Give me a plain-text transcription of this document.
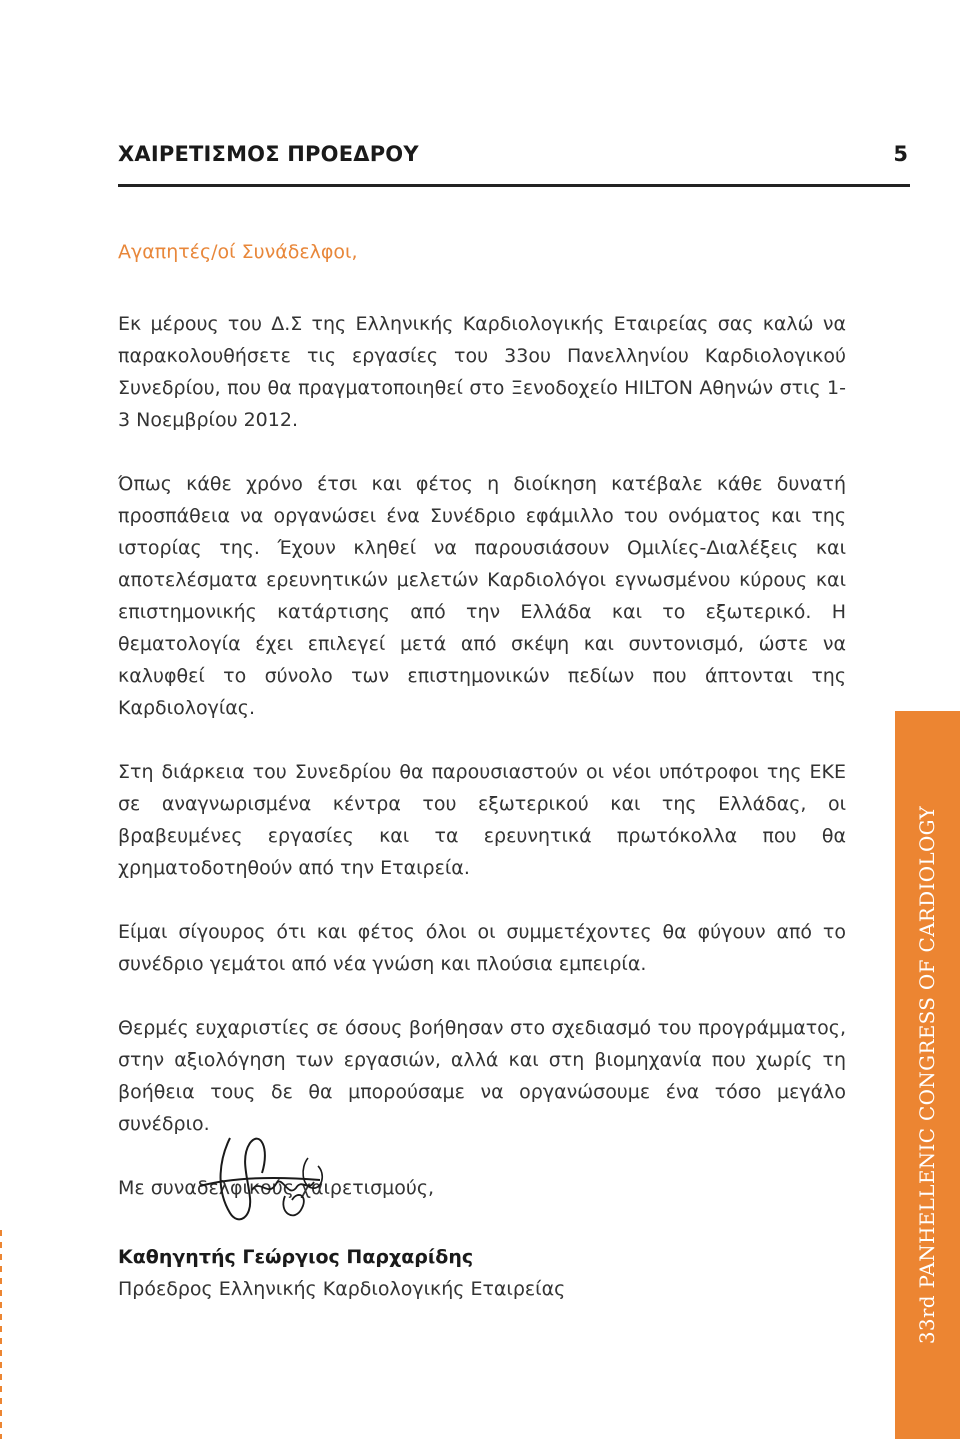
ΧΑΙΡΕΤΙΣΜΟΣ ΠΡΟΕΔΡΟΥ	5

Αγαπητές/οί Συνάδελφοι,

Εκ μέρους του Δ.Σ της Ελληνικής Καρδιολογικής Εταιρείας σας καλώ να παρακολουθήσετε τις εργασίες του 33ου Πανελληνίου Καρδιολογικού Συνεδρίου, που θα πραγματοποιηθεί στο Ξενοδοχείο HILTON Αθηνών στις 1-3 Νοεμβρίου 2012.

Όπως κάθε χρόνο έτσι και φέτος η διοίκηση κατέβαλε κάθε δυνατή προσπάθεια να οργανώσει ένα Συνέδριο εφάμιλλο του ονόματος και της ιστορίας της. Έχουν κληθεί να παρουσιάσουν Ομιλίες-Διαλέξεις και αποτελέσματα ερευνητικών μελετών Καρδιολόγοι εγνωσμένου κύρους και επιστημονικής κατάρτισης από την Ελλάδα και το εξωτερικό. Η θεματολογία έχει επιλεγεί μετά από σκέψη και συντονισμό, ώστε να καλυφθεί το σύνολο των επιστημονικών πεδίων που άπτονται της Καρδιολογίας.

Στη διάρκεια του Συνεδρίου θα παρουσιαστούν οι νέοι υπότροφοι της ΕΚΕ σε αναγνωρισμένα κέντρα του εξωτερικού και της Ελλάδας, οι βραβευμένες εργασίες και τα ερευνητικά πρωτόκολλα που θα χρηματοδοτηθούν από την Εταιρεία.

Είμαι σίγουρος ότι και φέτος όλοι οι συμμετέχοντες θα φύγουν από το συνέδριο γεμάτοι από νέα γνώση και πλούσια εμπειρία.

Θερμές ευχαριστίες σε όσους βοήθησαν στο σχεδιασμό του προγράμματος, στην αξιολόγηση των εργασιών, αλλά και στη βιομηχανία που χωρίς τη βοήθεια τους δε θα μπορούσαμε να οργανώσουμε ένα τόσο μεγάλο συνέδριο.

Με συναδελφικούς χαιρετισμούς,

Καθηγητής Γεώργιος Παρχαρίδης
Πρόεδρος Ελληνικής Καρδιολογικής Εταιρείας	33rd PANHELLENIC CONGRESS OF CARDIOLOGY
